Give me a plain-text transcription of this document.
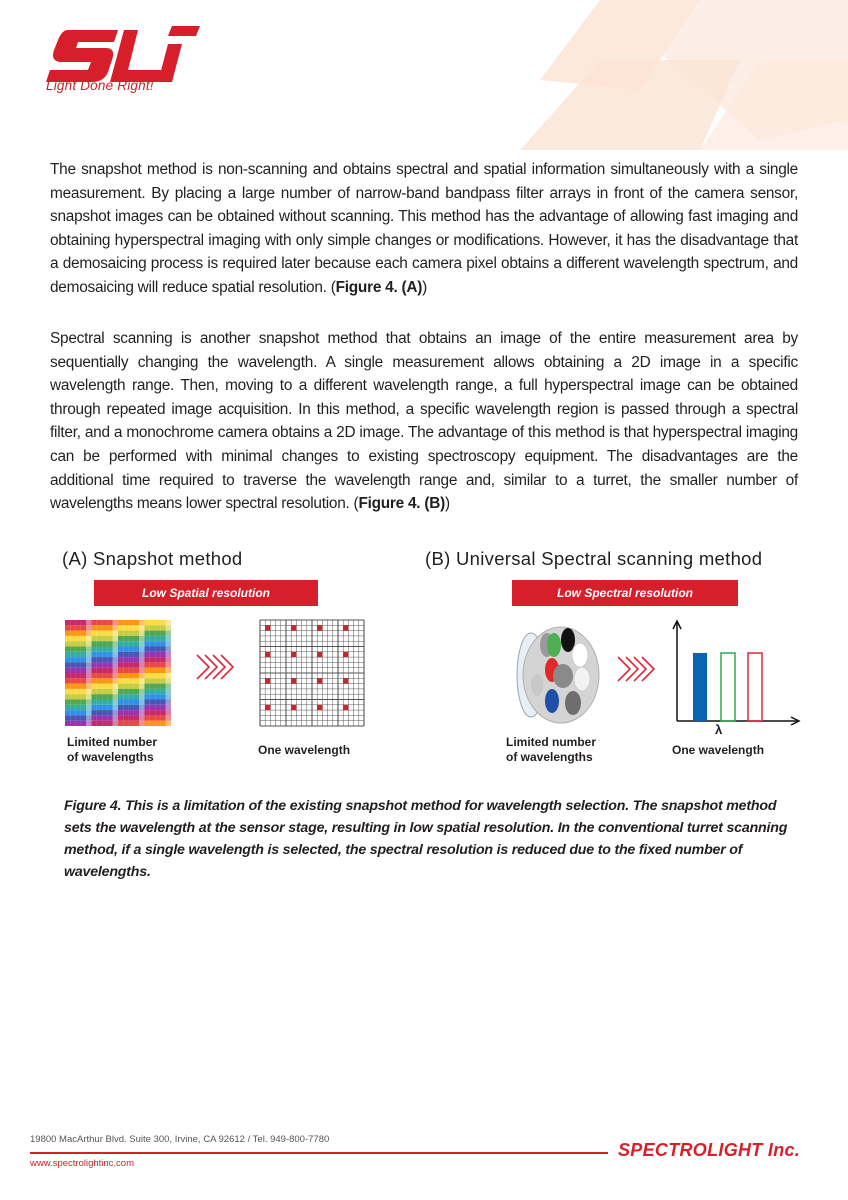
Light Done Right!
The snapshot method is non-scanning and obtains spectral and spatial information simultaneously with a single measurement. By placing a large number of narrow-band bandpass filter arrays in front of the camera sensor, snapshot images can be obtained without scanning. This method has the advantage of allowing fast imaging and obtaining hyperspectral imaging with only simple changes or modifications. However, it has the disadvantage that a demosaicing process is required later because each camera pixel obtains a different wavelength spectrum, and demosaicing will reduce spatial resolution. (Figure 4. (A))
Spectral scanning is another snapshot method that obtains an image of the entire measurement area by sequentially changing the wavelength. A single measurement allows obtaining a 2D image in a specific wavelength range. Then, moving to a different wavelength range, a full hyperspectral image can be obtained through repeated image acquisition. In this method, a specific wavelength region is passed through a spectral filter, and a monochrome camera obtains a 2D image. The advantage of this method is that hyperspectral imaging can be performed with minimal changes to existing spectroscopy equipment. The disadvantages are the additional time required to traverse the wavelength range and, similar to a turret, the smaller number of wavelengths means lower spectral resolution. (Figure 4. (B))
(A) Snapshot method
Low Spatial resolution
Limited number
of wavelengths	One wavelength
(B) Universal Spectral scanning method
Low Spectral resolution
λ
Limited number
of wavelengths	One wavelength
Figure 4. This is a limitation of the existing snapshot method for wavelength selection. The snapshot method sets the wavelength at the sensor stage, resulting in low spatial resolution. In the conventional turret scanning method, if a single wavelength is selected, the spectral resolution is reduced due to the fixed number of wavelengths.
19800 MacArthur Blvd. Suite 300, Irvine, CA 92612 / Tel. 949-800-7780
www.spectrolightinc.com
SPECTROLIGHT Inc.
